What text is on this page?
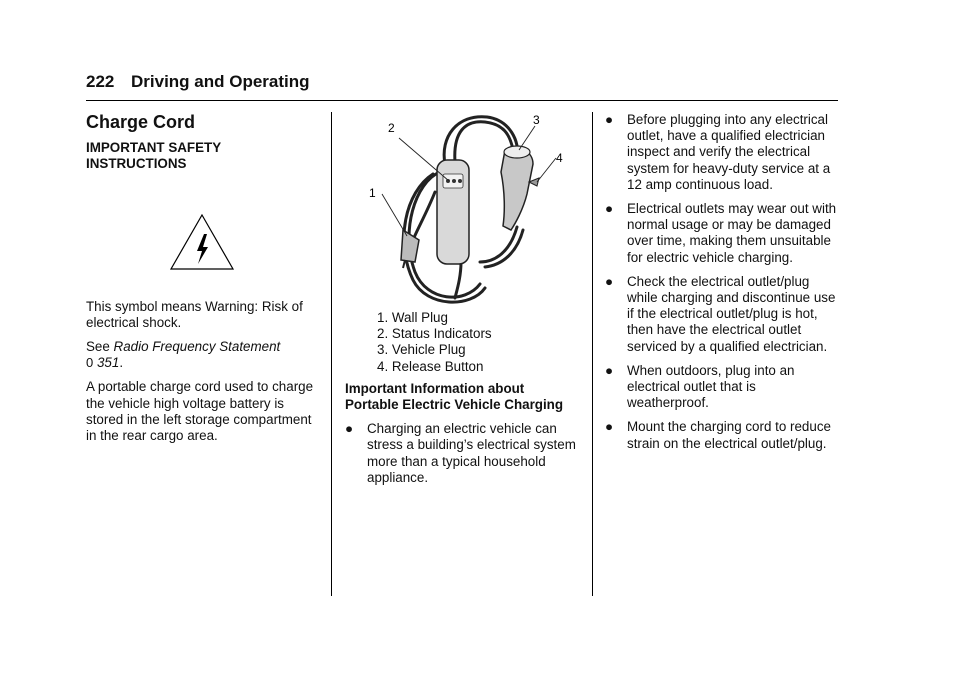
222 Driving and Operating
Charge Cord
IMPORTANT SAFETY
INSTRUCTIONS

This symbol means Warning: Risk of electrical shock.

See Radio Frequency Statement
0 351.

A portable charge cord used to charge the vehicle high voltage battery is stored in the left storage compartment in the rear cargo area.

1
2
3
4
1. Wall Plug
2. Status Indicators
3. Vehicle Plug
4. Release Button

Important Information about Portable Electric Vehicle Charging

● Charging an electric vehicle can stress a building’s electrical system more than a typical household appliance.
● Before plugging into any electrical outlet, have a qualified electrician inspect and verify the electrical system for heavy-duty service at a 12 amp continuous load.
● Electrical outlets may wear out with normal usage or may be damaged over time, making them unsuitable for electric vehicle charging.
● Check the electrical outlet/plug while charging and discontinue use if the electrical outlet/plug is hot, then have the electrical outlet serviced by a qualified electrician.
● When outdoors, plug into an electrical outlet that is weatherproof.
● Mount the charging cord to reduce strain on the electrical outlet/plug.
